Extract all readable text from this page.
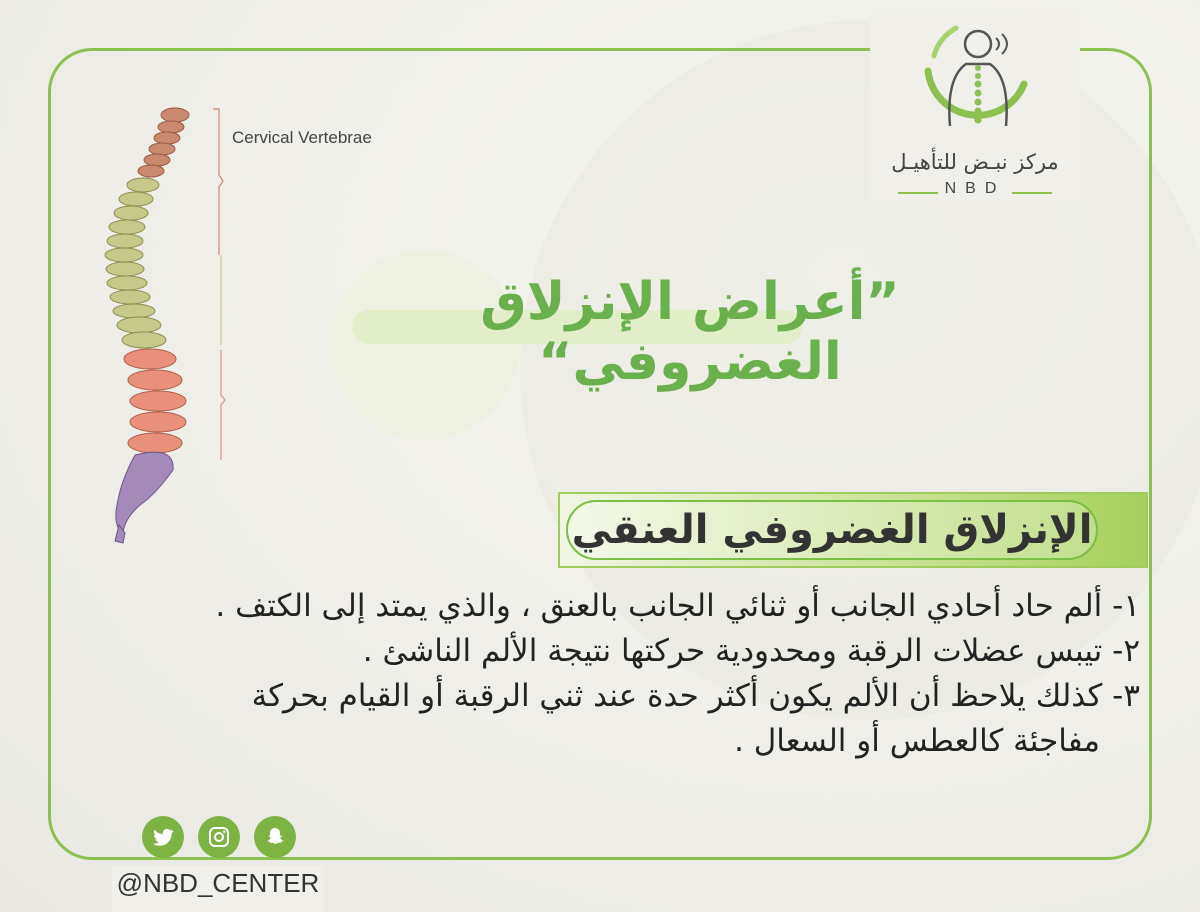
مركز نبـض للتأهيـل
NBD
Cervical Vertebrae
”أعراض الإنزلاق الغضروفي“
الإنزلاق الغضروفي العنقي

١- ألم حاد أحادي الجانب أو ثنائي الجانب بالعنق ، والذي يمتد إلى الكتف .

٢- تيبس عضلات الرقبة ومحدودية حركتها نتيجة الألم الناشئ .

٣- كذلك يلاحظ أن الألم يكون أكثر حدة عند ثني الرقبة أو القيام بحركة

مفاجئة كالعطس أو السعال .

@NBD_CENTER
